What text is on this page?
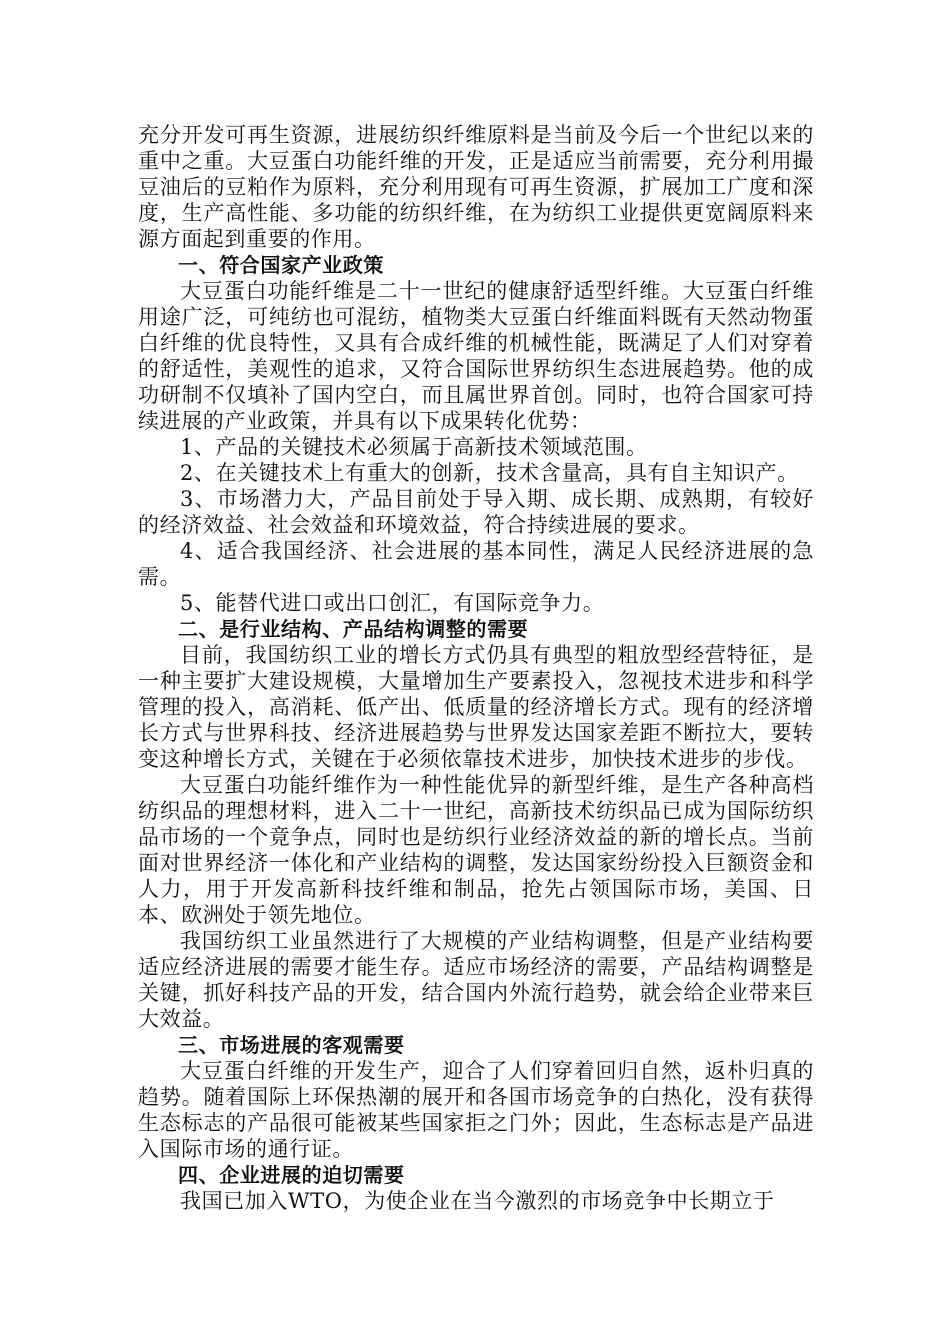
充分开发可再生资源，进展纺织纤维原料是当前及今后一个世纪以来的重中之重。大豆蛋白功能纤维的开发，正是适应当前需要，充分利用撮豆油后的豆粕作为原料，充分利用现有可再生资源，扩展加工广度和深度，生产高性能、多功能的纺织纤维，在为纺织工业提供更宽阔原料来源方面起到重要的作用。

一、符合国家产业政策

大豆蛋白功能纤维是二十一世纪的健康舒适型纤维。大豆蛋白纤维用途广泛，可纯纺也可混纺，植物类大豆蛋白纤维面料既有天然动物蛋白纤维的优良特性，又具有合成纤维的机械性能，既满足了人们对穿着的舒适性，美观性的追求，又符合国际世界纺织生态进展趋势。他的成功研制不仅填补了国内空白，而且属世界首创。同时，也符合国家可持续进展的产业政策，并具有以下成果转化优势：

1、产品的关键技术必须属于高新技术领域范围。

2、在关键技术上有重大的创新，技术含量高，具有自主知识产。

3、市场潜力大，产品目前处于导入期、成长期、成熟期，有较好的经济效益、社会效益和环境效益，符合持续进展的要求。

4、适合我国经济、社会进展的基本同性，满足人民经济进展的急需。

5、能替代进口或出口创汇，有国际竞争力。

二、是行业结构、产品结构调整的需要

目前，我国纺织工业的增长方式仍具有典型的粗放型经营特征，是一种主要扩大建设规模，大量增加生产要素投入，忽视技术进步和科学管理的投入，高消耗、低产出、低质量的经济增长方式。现有的经济增长方式与世界科技、经济进展趋势与世界发达国家差距不断拉大，要转变这种增长方式，关键在于必须依靠技术进步，加快技术进步的步伐。

大豆蛋白功能纤维作为一种性能优异的新型纤维，是生产各种高档纺织品的理想材料，进入二十一世纪，高新技术纺织品已成为国际纺织品市场的一个竟争点，同时也是纺织行业经济效益的新的增长点。当前面对世界经济一体化和产业结构的调整，发达国家纷纷投入巨额资金和人力，用于开发高新科技纤维和制品，抢先占领国际市场，美国、日本、欧洲处于领先地位。

我国纺织工业虽然进行了大规模的产业结构调整，但是产业结构要适应经济进展的需要才能生存。适应市场经济的需要，产品结构调整是关键，抓好科技产品的开发，结合国内外流行趋势，就会给企业带来巨大效益。

三、市场进展的客观需要

大豆蛋白纤维的开发生产，迎合了人们穿着回归自然，返朴归真的趋势。随着国际上环保热潮的展开和各国市场竞争的白热化，没有获得生态标志的产品很可能被某些国家拒之门外；因此，生态标志是产品进入国际市场的通行证。

四、企业进展的迫切需要

我国已加入WTO，为使企业在当今激烈的市场竞争中长期立于
